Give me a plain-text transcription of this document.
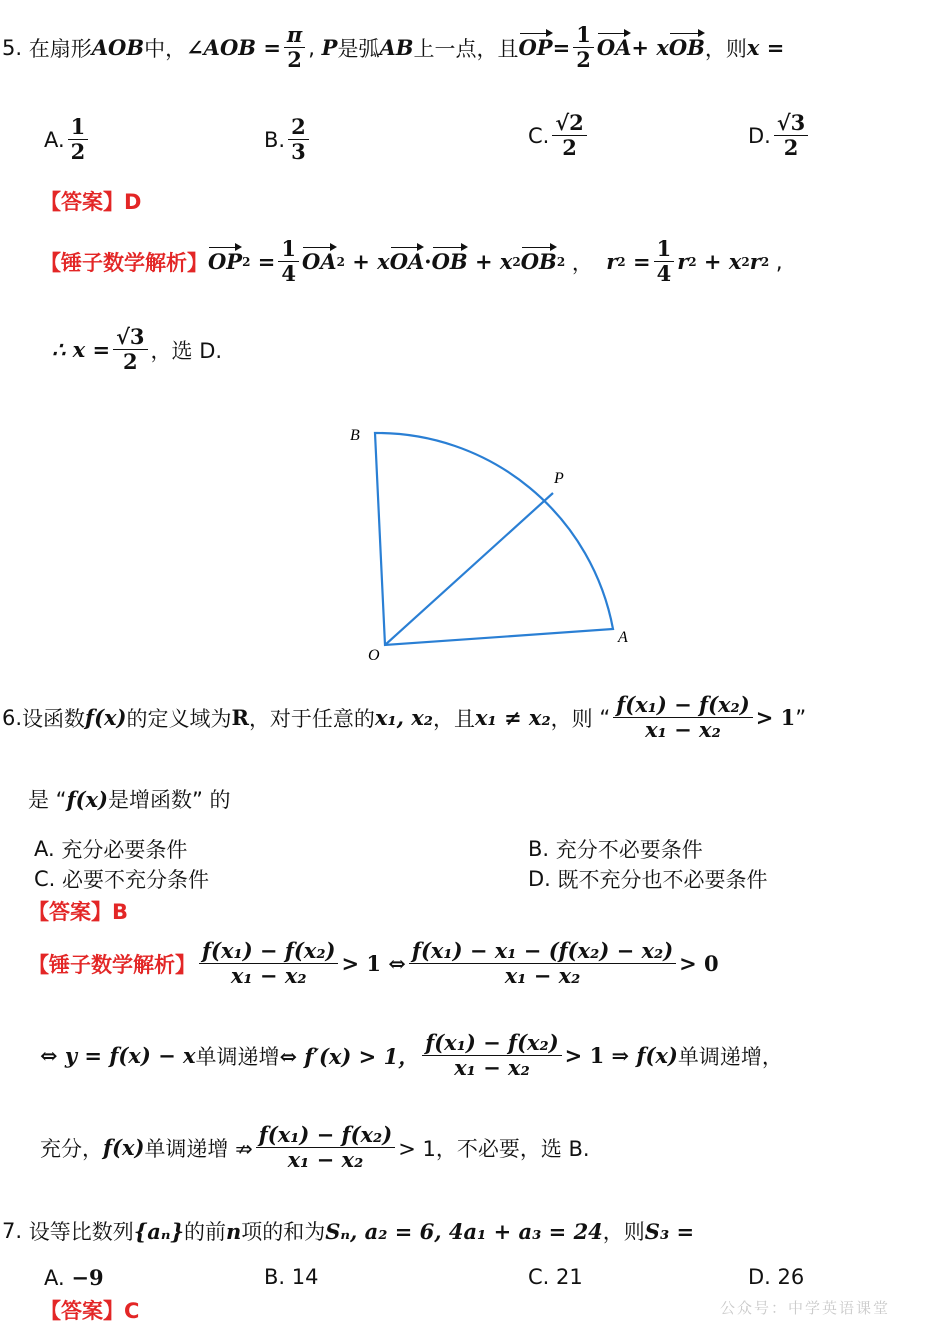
5.
在扇形 AOB 中， ∠AOB = $\frac{\pi}{2}$ , P 是弧 AB 上一点，且 OP = $\frac{1}{2}$ OA + x OB ，则 x =
A. $\frac{1}{2}$	B. $\frac{2}{3}$	C. $\frac{√2}{2}$	D. $\frac{√3}{2}$
【答案】D
【锤子数学解析】 OP $2 = \frac{1}{4}$ OA 2 + x OA · OB + x 2 OB 2 ， r $2 = \frac{1}{4}$ r 2 + x 2 r 2 ,
∴ $x = \frac{√3}{2}$ ，选 D.
B
P
O
A
6. 设函数 f(x) 的定义域为 R ，对于任意的 x₁, x₂ ，且 x₁ ≠ x₂ ，则 “ $\frac{\text{f(x₁) − f(x₂)}}{\text{x₁ − x₂}} > 1$ ”
是 “ f(x) 是增函数” 的
A.
充分必要条件	B.
充分不必要条件
C.
必要不充分条件	D.
既不充分也不必要条件
【答案】B
【锤子数学解析】 $\frac{\text{f(x₁) − f(x₂)}}{\text{x₁ − x₂}} > 1$ ⇔ $\frac{\text{f(x₁) − x₁ − (f(x₂) − x₂)}}{\text{x₁ − x₂}} > 0$
⇔ y = f(x) − x 单调递增 ⇔ f′(x) > 1， $\frac{\text{f(x₁) − f(x₂)}}{\text{x₁ − x₂}} > 1$ ⇒
f(x) 单调递增，
充分， f(x) 单调递增 ⇏ $\frac{\text{f(x₁) − f(x₂)}}{\text{x₁ − x₂}} > 1$，不必要，选 B.
7.
设等比数列 {aₙ} 的前 n 项的和为 Sₙ, a₂ = 6, 4a₁ + a₃ = 24 ，则 S₃ =
A.
−9	B.
14	C.
21	D.
26
【答案】C	公众号：中学英语课堂
